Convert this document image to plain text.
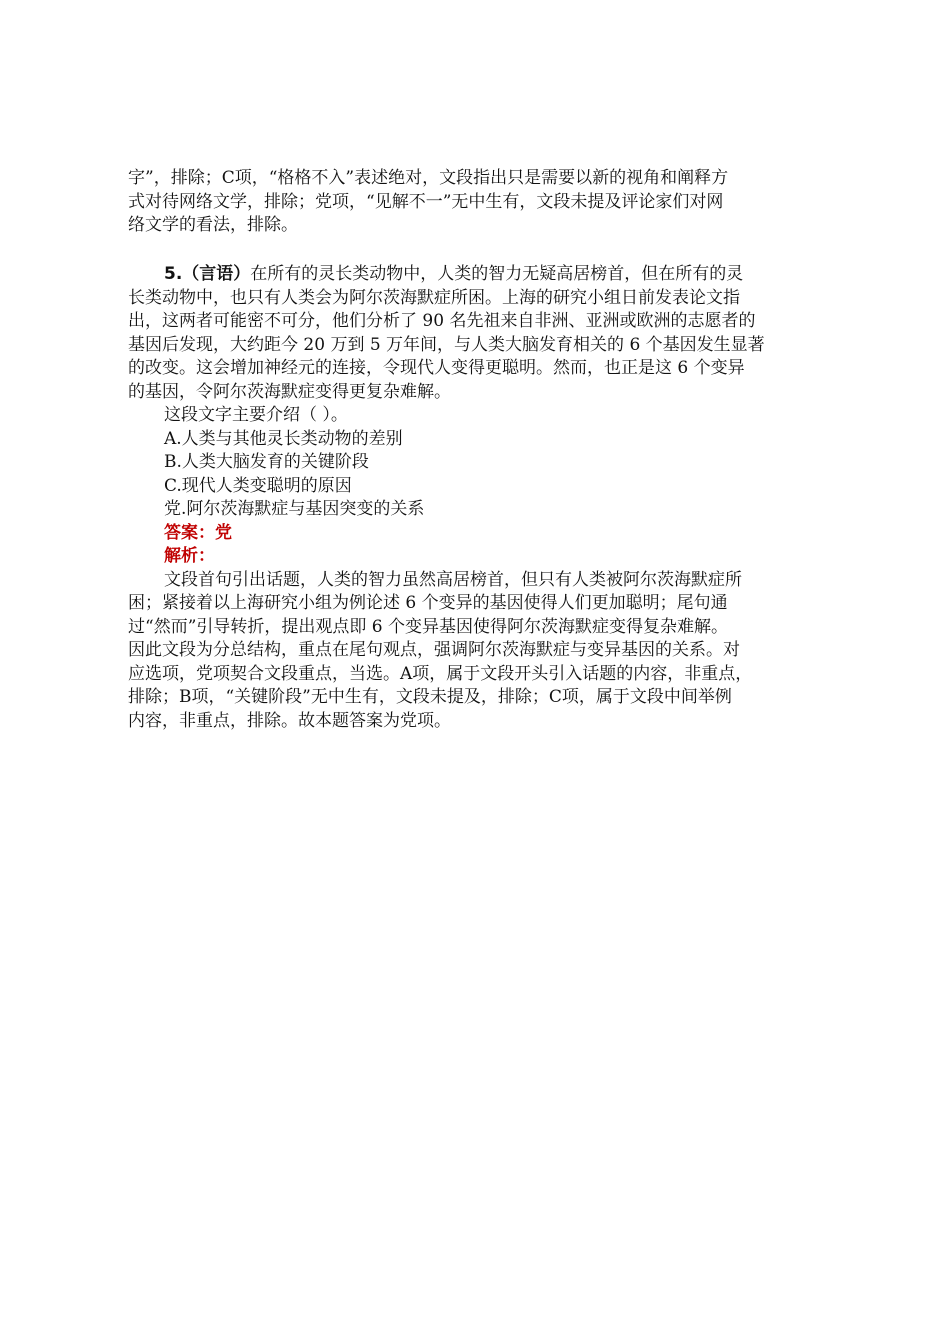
字”，排除；C项，“格格不入”表述绝对，文段指出只是需要以新的视角和阐释方
式对待网络文学，排除；党项，“见解不一”无中生有，文段未提及评论家们对网
络文学的看法，排除。
5.（言语）在所有的灵长类动物中，人类的智力无疑高居榜首，但在所有的灵
长类动物中，也只有人类会为阿尔茨海默症所困。上海的研究小组日前发表论文指
出，这两者可能密不可分，他们分析了 90 名先祖来自非洲、亚洲或欧洲的志愿者的
基因后发现，大约距今 20 万到 5 万年间，与人类大脑发育相关的 6 个基因发生显著
的改变。这会增加神经元的连接，令现代人变得更聪明。然而，也正是这 6 个变异
的基因，令阿尔茨海默症变得更复杂难解。
这段文字主要介绍（ ）。
A.人类与其他灵长类动物的差别
B.人类大脑发育的关键阶段
C.现代人类变聪明的原因
党.阿尔茨海默症与基因突变的关系
答案：党
解析：
文段首句引出话题，人类的智力虽然高居榜首，但只有人类被阿尔茨海默症所
困；紧接着以上海研究小组为例论述 6 个变异的基因使得人们更加聪明；尾句通
过“然而”引导转折，提出观点即 6 个变异基因使得阿尔茨海默症变得复杂难解。
因此文段为分总结构，重点在尾句观点，强调阿尔茨海默症与变异基因的关系。对
应选项，党项契合文段重点，当选。A项，属于文段开头引入话题的内容，非重点，
排除；B项，“关键阶段”无中生有，文段未提及，排除；C项，属于文段中间举例
内容，非重点，排除。故本题答案为党项。
